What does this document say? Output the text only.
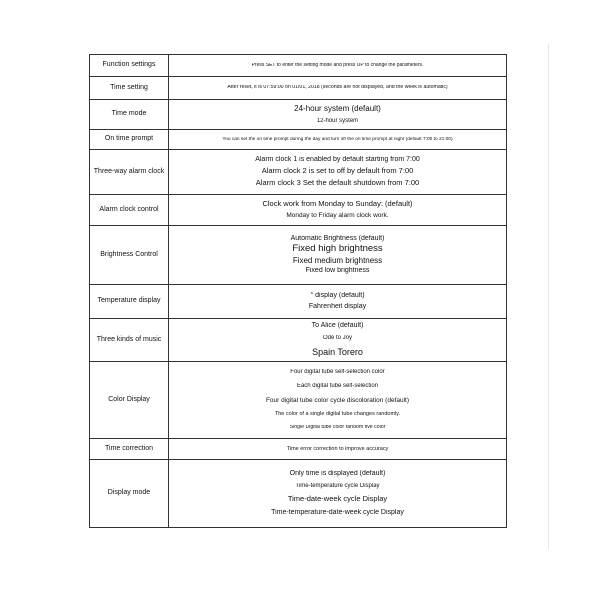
Function settings	Press SET to enter the setting mode and press UP to change the parameters.

Time setting	After reset, it is 07:59:00 on 01/01, 2018 (seconds are not displayed, and the week is automatic)

Time mode	24-hour system (default)
12-hour system

On time prompt	You can set the on time prompt during the day and turn off the on time prompt at night (default 7:00 to 21:00)

Three-way alarm clock	Alarm clock 1 is enabled by default starting from 7:00
Alarm clock 2 is set to off by default from 7:00
Alarm clock 3 Set the default shutdown from 7:00

Alarm clock control	Clock work from Monday to Sunday: (default)
Monday to Friday alarm clock work.

Brightness Control	Automatic Brightness (default)
Fixed high brightness
Fixed medium brightness
Fixed low brightness

Temperature display	° display (default)
Fahrenheit display

Three kinds of music	To Alice (default)
Ode to Joy
Spain Torero

Color Display	Four digital tube self-selection color
Each digital tube self-selection
Four digital tube color cycle discoloration (default)
The color of a single digital tube changes randomly.
Single Digital tube color random five color

Time correction	Time error correction to improve accuracy

Display mode	Only time is displayed (default)
Time-temperature cycle Display
Time-date-week cycle Display
Time-temperature-date-week cycle Display
